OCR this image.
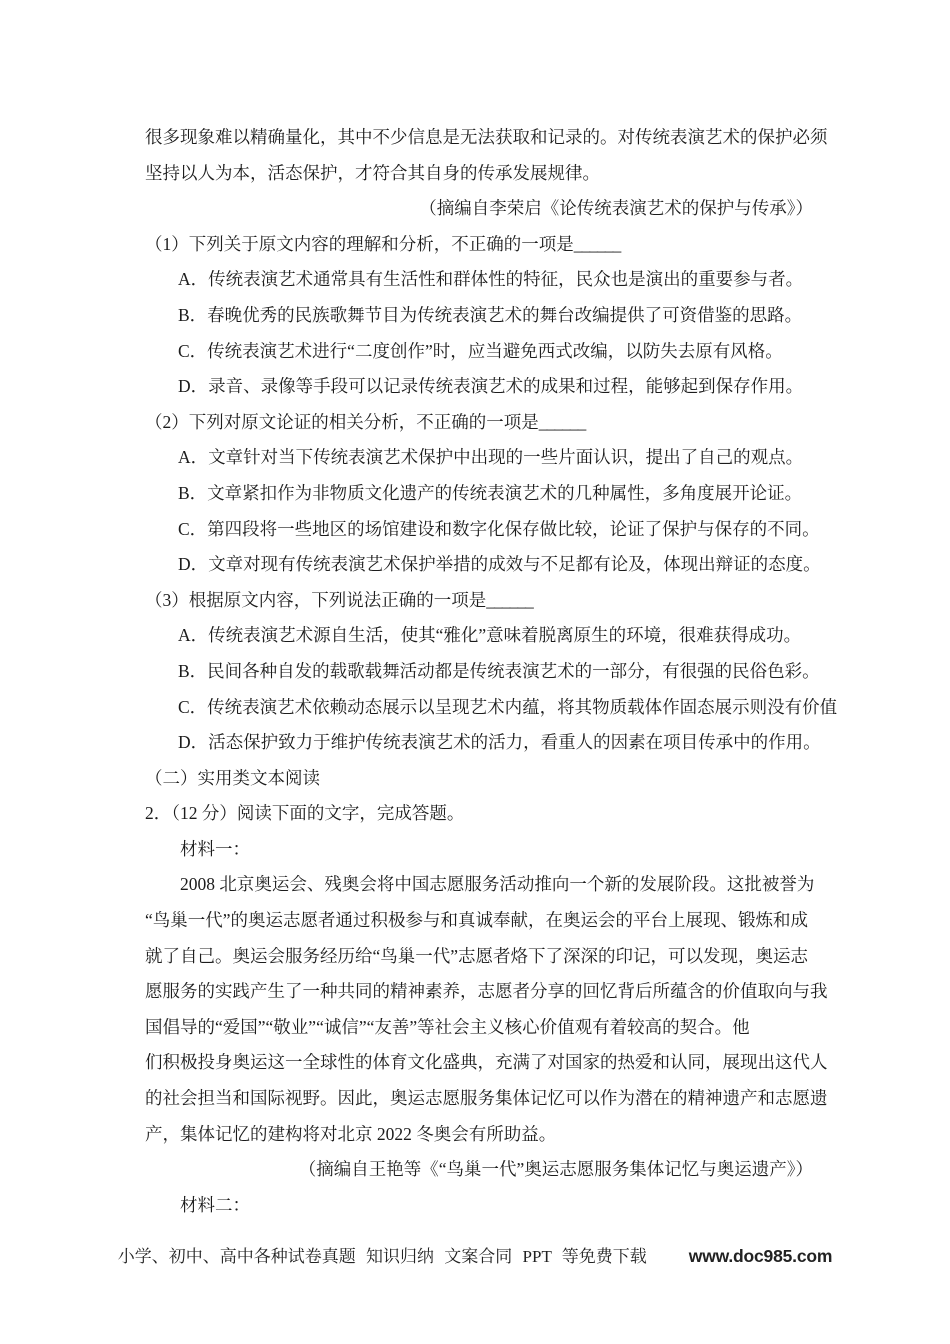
很多现象难以精确量化，其中不少信息是无法获取和记录的。对传统表演艺术的保护必须
坚持以人为本，活态保护，才符合其自身的传承发展规律。
（摘编自李荣启《论传统表演艺术的保护与传承》）
（1）下列关于原文内容的理解和分析，不正确的一项是______
A．传统表演艺术通常具有生活性和群体性的特征，民众也是演出的重要参与者。
B．春晚优秀的民族歌舞节目为传统表演艺术的舞台改编提供了可资借鉴的思路。
C．传统表演艺术进行“二度创作”时，应当避免西式改编，以防失去原有风格。
D．录音、录像等手段可以记录传统表演艺术的成果和过程，能够起到保存作用。
（2）下列对原文论证的相关分析，不正确的一项是______
A．文章针对当下传统表演艺术保护中出现的一些片面认识，提出了自己的观点。
B．文章紧扣作为非物质文化遗产的传统表演艺术的几种属性，多角度展开论证。
C．第四段将一些地区的场馆建设和数字化保存做比较，论证了保护与保存的不同。
D．文章对现有传统表演艺术保护举措的成效与不足都有论及，体现出辩证的态度。
（3）根据原文内容，下列说法正确的一项是______
A．传统表演艺术源自生活，使其“雅化”意味着脱离原生的环境，很难获得成功。
B．民间各种自发的载歌载舞活动都是传统表演艺术的一部分，有很强的民俗色彩。
C．传统表演艺术依赖动态展示以呈现艺术内蕴，将其物质载体作固态展示则没有价值
D．活态保护致力于维护传统表演艺术的活力，看重人的因素在项目传承中的作用。
（二）实用类文本阅读
2．（12 分）阅读下面的文字，完成答题。
材料一：
2008 北京奥运会、残奥会将中国志愿服务活动推向一个新的发展阶段。这批被誉为
“鸟巢一代”的奥运志愿者通过积极参与和真诚奉献，在奥运会的平台上展现、锻炼和成
就了自己。奥运会服务经历给“鸟巢一代”志愿者烙下了深深的印记，可以发现，奥运志
愿服务的实践产生了一种共同的精神素养，志愿者分享的回忆背后所蕴含的价值取向与我
国倡导的“爱国”“敬业”“诚信”“友善”等社会主义核心价值观有着较高的契合。他
们积极投身奥运这一全球性的体育文化盛典，充满了对国家的热爱和认同，展现出这代人
的社会担当和国际视野。因此，奥运志愿服务集体记忆可以作为潜在的精神遗产和志愿遗
产，集体记忆的建构将对北京 2022 冬奥会有所助益。
（摘编自王艳等《“鸟巢一代”奥运志愿服务集体记忆与奥运遗产》）
材料二：
小学、初中、高中各种试卷真题 知识归纳 文案合同 PPT 等免费下载 www.doc985.com
